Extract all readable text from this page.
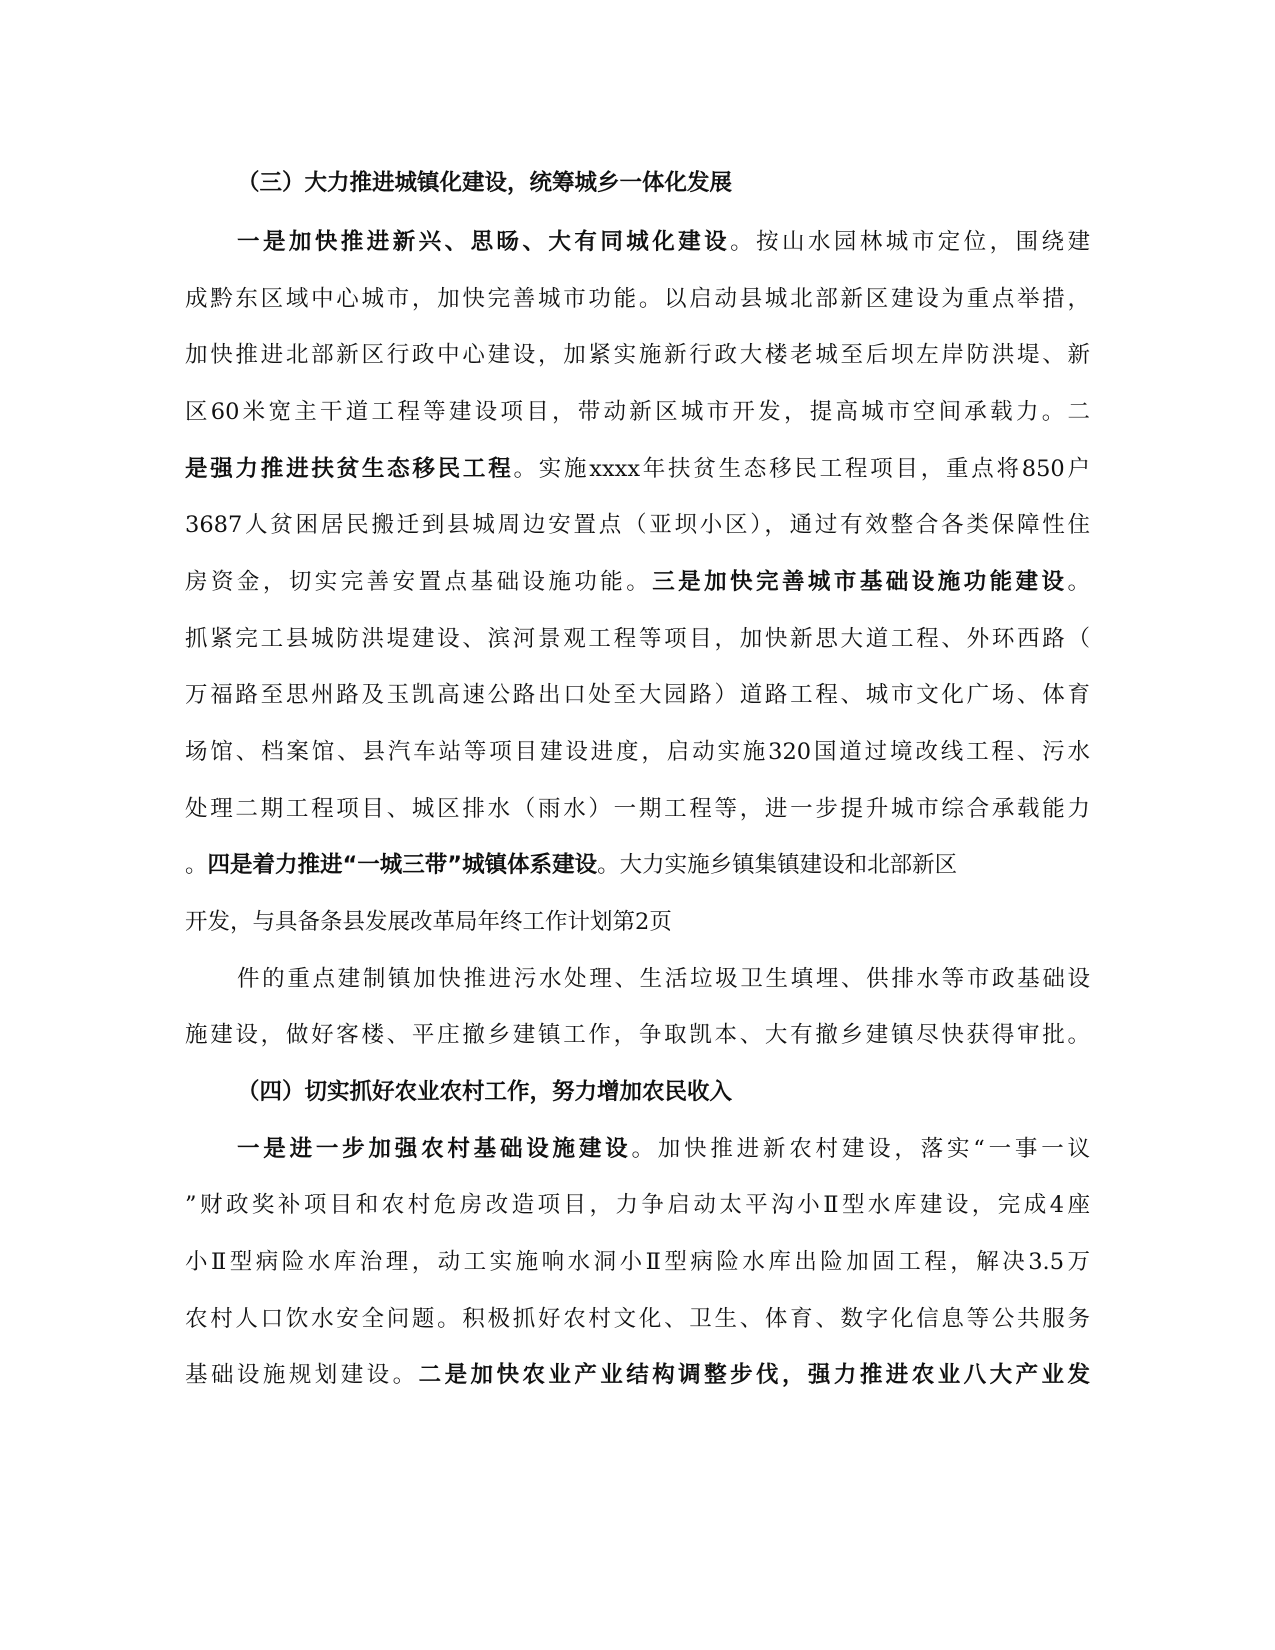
（三）大力推进城镇化建设，统筹城乡一体化发展
一是加快推进新兴、思旸、大有同城化建设。按山水园林城市定位，围绕建
成黔东区域中心城市，加快完善城市功能。以启动县城北部新区建设为重点举措，
加快推进北部新区行政中心建设，加紧实施新行政大楼老城至后坝左岸防洪堤、新
区60米宽主干道工程等建设项目，带动新区城市开发，提高城市空间承载力。二
是强力推进扶贫生态移民工程。实施xxxx年扶贫生态移民工程项目，重点将850户
3687人贫困居民搬迁到县城周边安置点（亚坝小区），通过有效整合各类保障性住
房资金，切实完善安置点基础设施功能。三是加快完善城市基础设施功能建设。
抓紧完工县城防洪堤建设、滨河景观工程等项目，加快新思大道工程、外环西路（
万福路至思州路及玉凯高速公路出口处至大园路）道路工程、城市文化广场、体育
场馆、档案馆、县汽车站等项目建设进度，启动实施320国道过境改线工程、污水
处理二期工程项目、城区排水（雨水）一期工程等，进一步提升城市综合承载能力
。四是着力推进“一城三带”城镇体系建设。大力实施乡镇集镇建设和北部新区
开发，与具备条县发展改革局年终工作计划第2页
件的重点建制镇加快推进污水处理、生活垃圾卫生填埋、供排水等市政基础设
施建设，做好客楼、平庄撤乡建镇工作，争取凯本、大有撤乡建镇尽快获得审批。
（四）切实抓好农业农村工作，努力增加农民收入
一是进一步加强农村基础设施建设。加快推进新农村建设，落实“一事一议
”财政奖补项目和农村危房改造项目，力争启动太平沟小Ⅱ型水库建设，完成4座
小Ⅱ型病险水库治理，动工实施响水洞小Ⅱ型病险水库出险加固工程，解决3.5万
农村人口饮水安全问题。积极抓好农村文化、卫生、体育、数字化信息等公共服务
基础设施规划建设。二是加快农业产业结构调整步伐，强力推进农业八大产业发
